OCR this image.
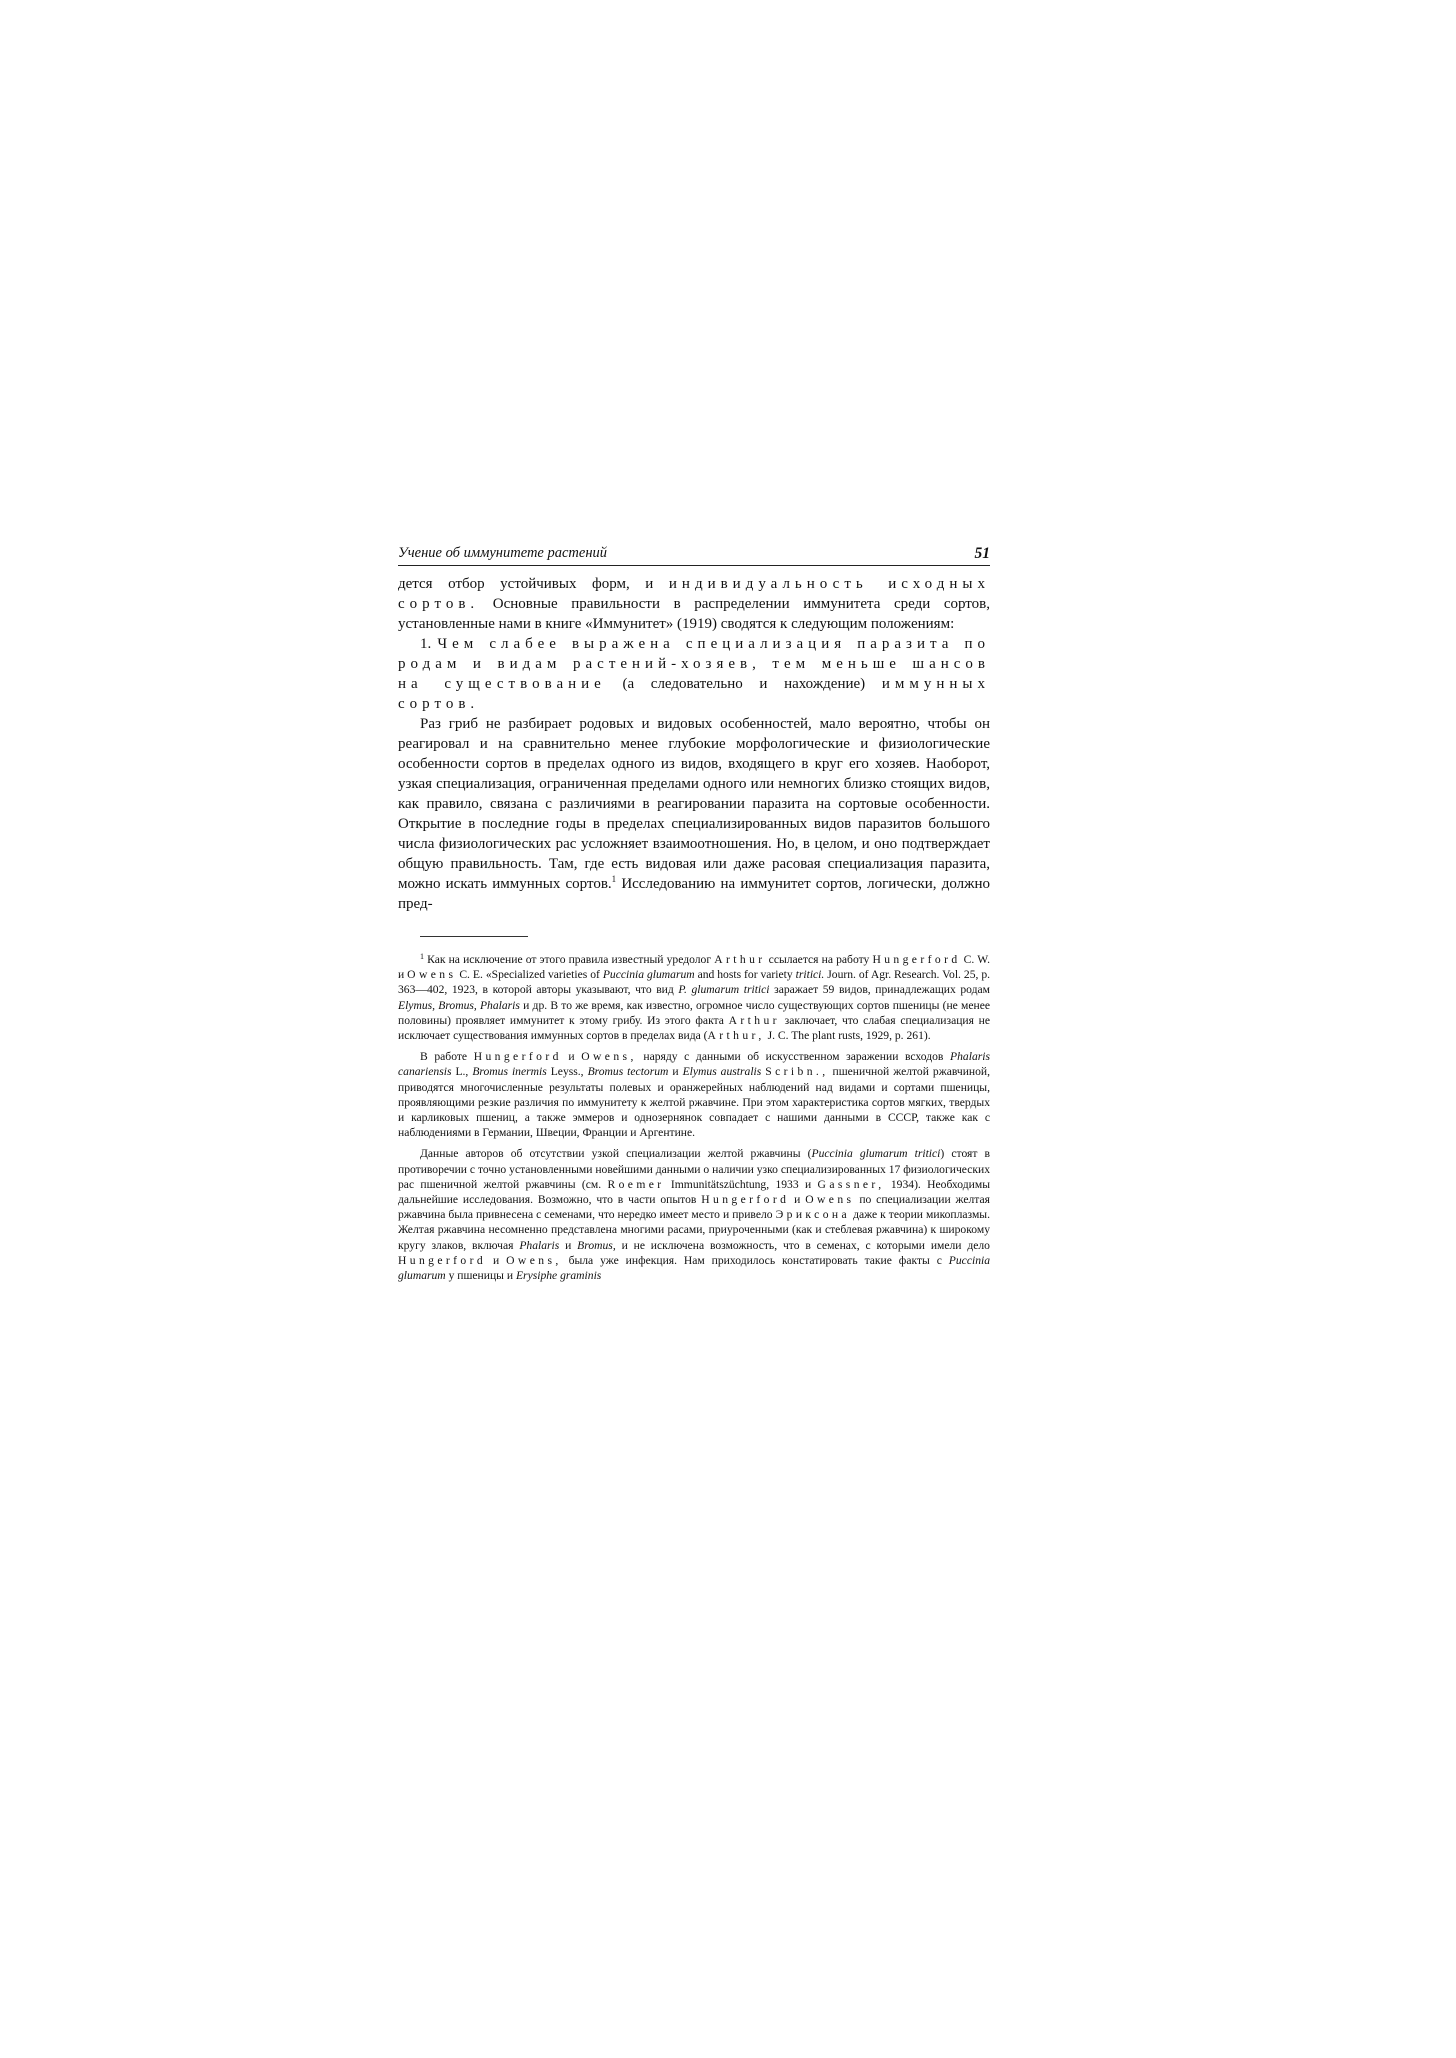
Учение об иммунитете растений	51

дется отбор устойчивых форм, и индивидуальность исходных сортов. Основные правильности в распределении иммунитета среди сортов, установленные нами в книге «Иммунитет» (1919) сводятся к следующим положениям:

1. Чем слабее выражена специализация паразита по родам и видам растений-хозяев, тем меньше шансов на существование (а следовательно и нахождение) иммунных сортов.

Раз гриб не разбирает родовых и видовых особенностей, мало вероятно, чтобы он реагировал и на сравнительно менее глубокие морфологические и физиологические особенности сортов в пределах одного из видов, входящего в круг его хозяев. Наоборот, узкая специализация, ограниченная пределами одного или немногих близко стоящих видов, как правило, связана с различиями в реагировании паразита на сортовые особенности. Открытие в последние годы в пределах специализированных видов паразитов большого числа физиологических рас усложняет взаимоотношения. Но, в целом, и оно подтверждает общую правильность. Там, где есть видовая или даже расовая специализация паразита, можно искать иммунных сортов.$^1$ Исследованию на иммунитет сортов, логически, должно пред-

$^1$ Как на исключение от этого правила известный уредолог Arthur ссылается на работу Hungerford C. W. и Owens C. E. «Specialized varieties of Puccinia glumarum and hosts for variety tritici. Journ. of Agr. Research. Vol. 25, p. 363—402, 1923, в которой авторы указывают, что вид P. glumarum tritici заражает 59 видов, принадлежащих родам Elymus, Bromus, Phalaris и др. В то же время, как известно, огромное число существующих сортов пшеницы (не менее половины) проявляет иммунитет к этому грибу. Из этого факта Arthur заключает, что слабая специализация не исключает существования иммунных сортов в пределах вида (Arthur, J. C. The plant rusts, 1929, p. 261).

В работе Hungerford и Owens, наряду с данными об искусственном заражении всходов Phalaris canariensis L., Bromus inermis Leyss., Bromus tectorum и Elymus australis Scribn., пшеничной желтой ржавчиной, приводятся многочисленные результаты полевых и оранжерейных наблюдений над видами и сортами пшеницы, проявляющими резкие различия по иммунитету к желтой ржавчине. При этом характеристика сортов мягких, твердых и карликовых пшениц, а также эммеров и однозернянок совпадает с нашими данными в СССР, также как с наблюдениями в Германии, Швеции, Франции и Аргентине.

Данные авторов об отсутствии узкой специализации желтой ржавчины (Puccinia glumarum tritici) стоят в противоречии с точно установленными новейшими данными о наличии узко специализированных 17 физиологических рас пшеничной желтой ржавчины (см. Roemer Immunitätszüchtung, 1933 и Gassner, 1934). Необходимы дальнейшие исследования. Возможно, что в части опытов Hungerford и Owens по специализации желтая ржавчина была привнесена с семенами, что нередко имеет место и привело Эриксона даже к теории микоплазмы. Желтая ржавчина несомненно представлена многими расами, приуроченными (как и стеблевая ржавчина) к широкому кругу злаков, включая Phalaris и Bromus, и не исключена возможность, что в семенах, с которыми имели дело Hungerford и Owens, была уже инфекция. Нам приходилось констатировать такие факты с Puccinia glumarum у пшеницы и Erysiphe graminis
